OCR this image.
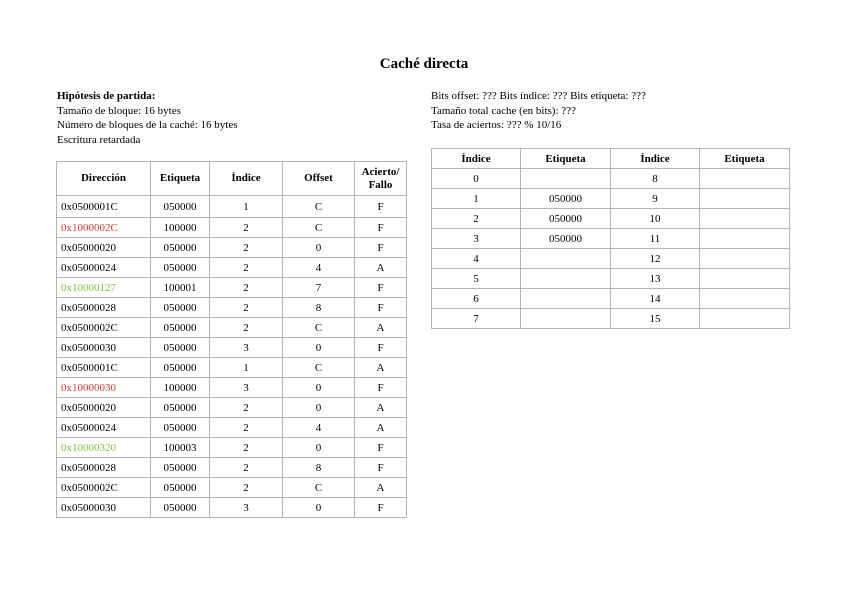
Caché directa
Hipótesis de partida:
Tamaño de bloque: 16 bytes
Número de bloques de la caché: 16 bytes
Escritura retardada
Bits offset: ??? Bits índice: ??? Bits etiqueta: ???
Tamaño total cache (en bits): ???
Tasa de aciertos: ??? % 10/16
Dirección	Etiqueta	Índice	Offset	Acierto/ Fallo
0x0500001C	050000	1	C	F
0x1000002C	100000	2	C	F
0x05000020	050000	2	0	F
0x05000024	050000	2	4	A
0x10000127	100001	2	7	F
0x05000028	050000	2	8	F
0x0500002C	050000	2	C	A
0x05000030	050000	3	0	F
0x0500001C	050000	1	C	A
0x10000030	100000	3	0	F
0x05000020	050000	2	0	A
0x05000024	050000	2	4	A
0x10000320	100003	2	0	F
0x05000028	050000	2	8	F
0x0500002C	050000	2	C	A
0x05000030	050000	3	0	F
Índice	Etiqueta	Índice	Etiqueta
0		8	
1	050000	9	
2	050000	10	
3	050000	11	
4		12	
5		13	
6		14	
7		15	
